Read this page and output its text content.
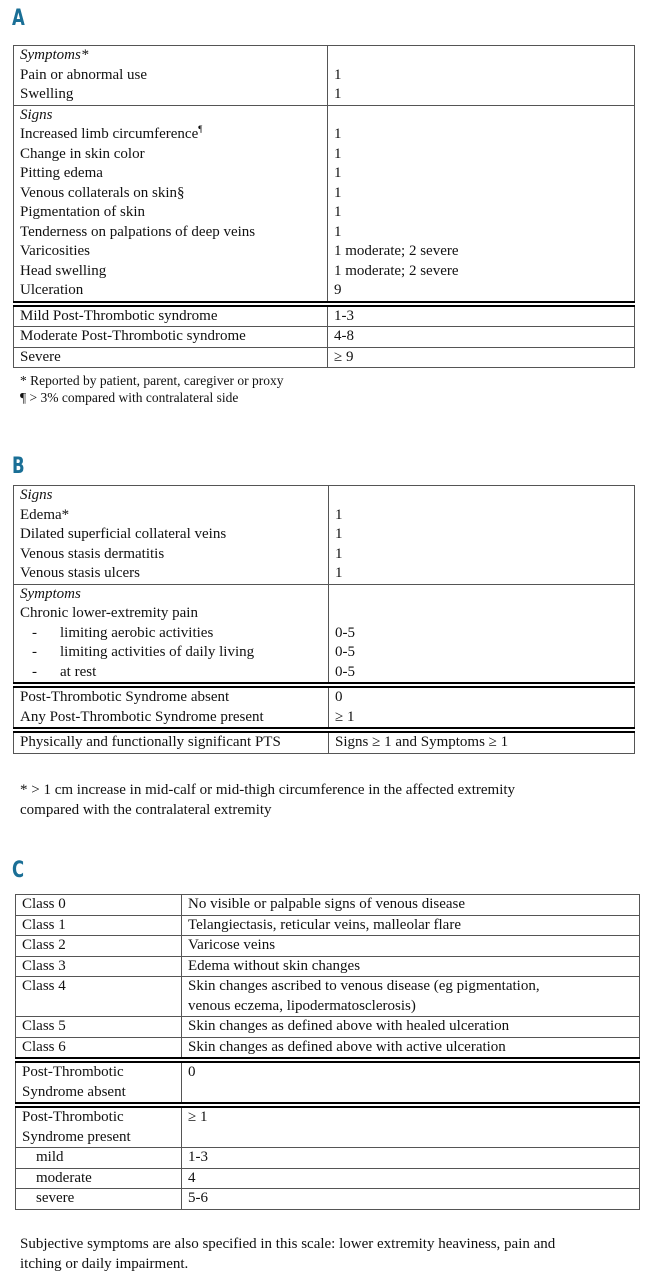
A
Symptoms*	
Pain or abnormal use	1
Swelling	1
Signs	
Increased limb circumference¶	1
Change in skin color	1
Pitting edema	1
Venous collaterals on skin§	1
Pigmentation of skin	1
Tenderness on palpations of deep veins	1
Varicosities	1 moderate; 2 severe
Head swelling	1 moderate; 2 severe
Ulceration	9
Mild Post-Thrombotic syndrome	1-3
Moderate Post-Thrombotic syndrome	4-8
Severe	≥ 9
* Reported by patient, parent, caregiver or proxy
¶ > 3% compared with contralateral side
B
Signs	
Edema*	1
Dilated superficial collateral veins	1
Venous stasis dermatitis	1
Venous stasis ulcers	1
Symptoms	
Chronic lower-extremity pain	
- limiting aerobic activities	0-5
- limiting activities of daily living	0-5
- at rest	0-5
Post-Thrombotic Syndrome absent	0
Any Post-Thrombotic Syndrome present	≥ 1
Physically and functionally significant PTS	Signs ≥ 1 and Symptoms ≥ 1
* > 1 cm increase in mid-calf or mid-thigh circumference in the affected extremity
compared with the contralateral extremity
C
Class 0	No visible or palpable signs of venous disease
Class 1	Telangiectasis, reticular veins, malleolar flare
Class 2	Varicose veins
Class 3	Edema without skin changes
Class 4	Skin changes ascribed to venous disease (eg pigmentation,
venous eczema, lipodermatosclerosis)

Class 5	Skin changes as defined above with healed ulceration
Class 6	Skin changes as defined above with active ulceration

Post-Thrombotic
Syndrome absent	0

Post-Thrombotic
Syndrome present	≥ 1
mild	1-3
moderate	4
severe	5-6
Subjective symptoms are also specified in this scale: lower extremity heaviness, pain and
itching or daily impairment.
